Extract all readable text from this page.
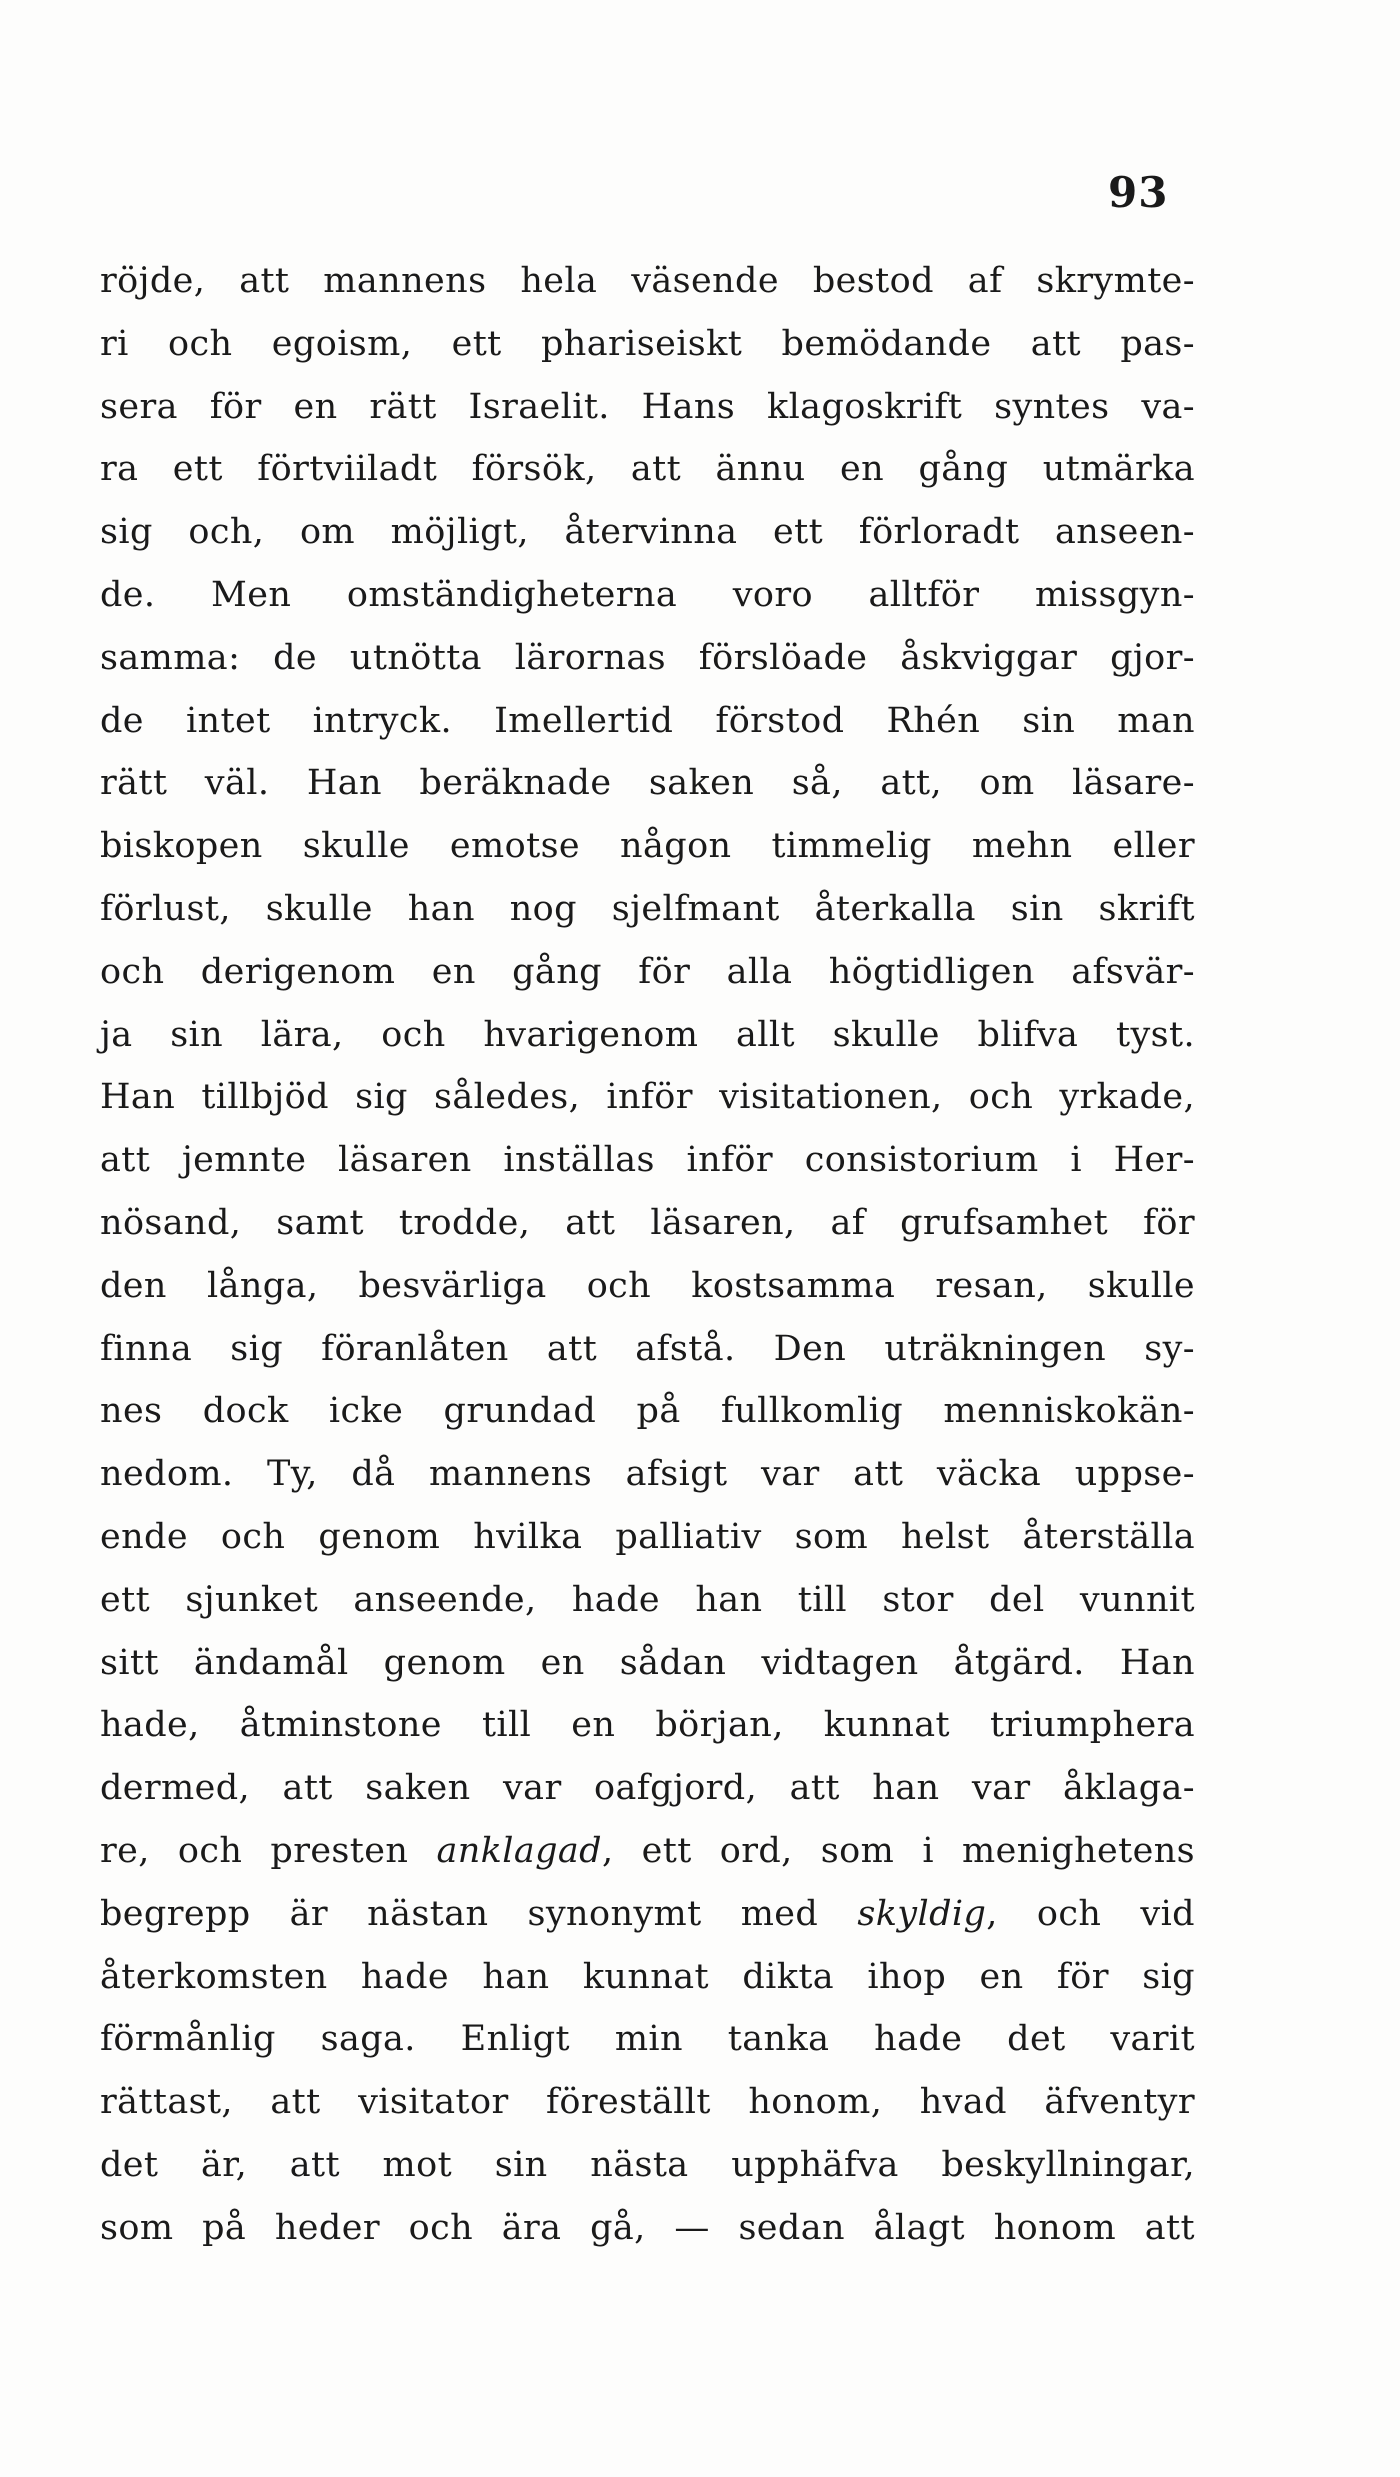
93
röjde, att mannens hela väsende bestod af skrymte-
ri och egoism, ett phariseiskt bemödande att pas-
sera för en rätt Israelit. Hans klagoskrift syntes va-
ra ett förtviiladt försök, att ännu en gång utmärka
sig och, om möjligt, återvinna ett förloradt anseen-
de. Men omständigheterna voro alltför missgyn-
samma: de utnötta lärornas förslöade åskviggar gjor-
de intet intryck. Imellertid förstod Rhén sin man
rätt väl. Han beräknade saken så, att, om läsare-
biskopen skulle emotse någon timmelig mehn eller
förlust, skulle han nog sjelfmant återkalla sin skrift
och derigenom en gång för alla högtidligen afsvär-
ja sin lära, och hvarigenom allt skulle blifva tyst.
Han tillbjöd sig således, inför visitationen, och yrkade,
att jemnte läsaren inställas inför consistorium i Her-
nösand, samt trodde, att läsaren, af grufsamhet för
den långa, besvärliga och kostsamma resan, skulle
finna sig föranlåten att afstå. Den uträkningen sy-
nes dock icke grundad på fullkomlig menniskokän-
nedom. Ty, då mannens afsigt var att väcka uppse-
ende och genom hvilka palliativ som helst återställa
ett sjunket anseende, hade han till stor del vunnit
sitt ändamål genom en sådan vidtagen åtgärd. Han
hade, åtminstone till en början, kunnat triumphera
dermed, att saken var oafgjord, att han var åklaga-
re, och presten anklagad, ett ord, som i menighetens
begrepp är nästan synonymt med skyldig, och vid
återkomsten hade han kunnat dikta ihop en för sig
förmånlig saga. Enligt min tanka hade det varit
rättast, att visitator föreställt honom, hvad äfventyr
det är, att mot sin nästa upphäfva beskyllningar,
som på heder och ära gå, — sedan ålagt honom att
